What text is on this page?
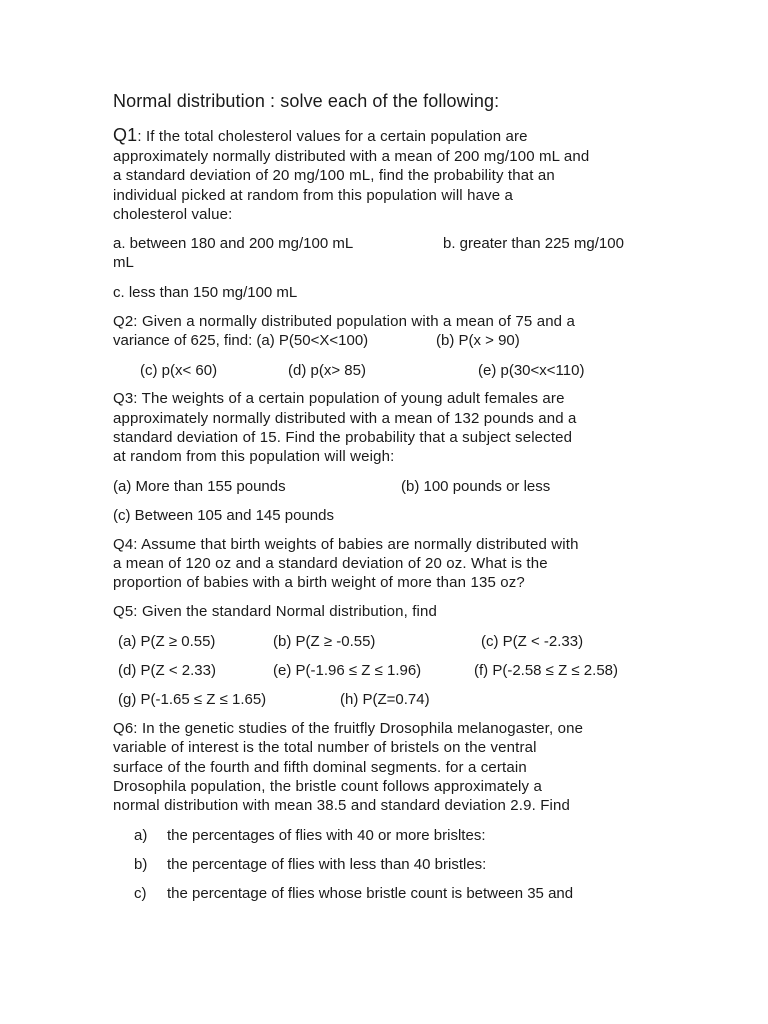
Normal distribution : solve each of the following:
Q1: If the total cholesterol values for a certain population are
approximately normally distributed with a mean of 200 mg/100 mL and
a standard deviation of 20 mg/100 mL, find the probability that an
individual picked at random from this population will have a
cholesterol value:
a. between 180 and 200 mg/100 mL	b. greater than 225 mg/100
mL
c. less than 150 mg/100 mL
Q2: Given a normally distributed population with a mean of 75 and a
variance of 625, find: (a) P(50<X<100)	(b) P(x > 90)
(c) p(x< 60)	(d) p(x> 85)	(e) p(30<x<110)
Q3: The weights of a certain population of young adult females are
approximately normally distributed with a mean of 132 pounds and a
standard deviation of 15. Find the probability that a subject selected
at random from this population will weigh:
(a) More than 155 pounds	(b) 100 pounds or less
(c) Between 105 and 145 pounds
Q4: Assume that birth weights of babies are normally distributed with
a mean of 120 oz and a standard deviation of 20 oz. What is the
proportion of babies with a birth weight of more than 135 oz?
Q5: Given the standard Normal distribution, find
(a) P(Z ≥ 0.55)	(b) P(Z ≥ -0.55)	(c) P(Z < -2.33)
(d) P(Z < 2.33)	(e) P(-1.96 ≤ Z ≤ 1.96)	(f) P(-2.58 ≤ Z ≤ 2.58)
(g) P(-1.65 ≤ Z ≤ 1.65)	(h) P(Z=0.74)
Q6: In the genetic studies of the fruitfly Drosophila melanogaster, one
variable of interest is the total number of bristels on the ventral
surface of the fourth and fifth dominal segments. for a certain
Drosophila population, the bristle count follows approximately a
normal distribution with mean 38.5 and standard deviation 2.9. Find
a) the percentages of flies with 40 or more brisltes:
b) the percentage of flies with less than 40 bristles:
c) the percentage of flies whose bristle count is between 35 and
